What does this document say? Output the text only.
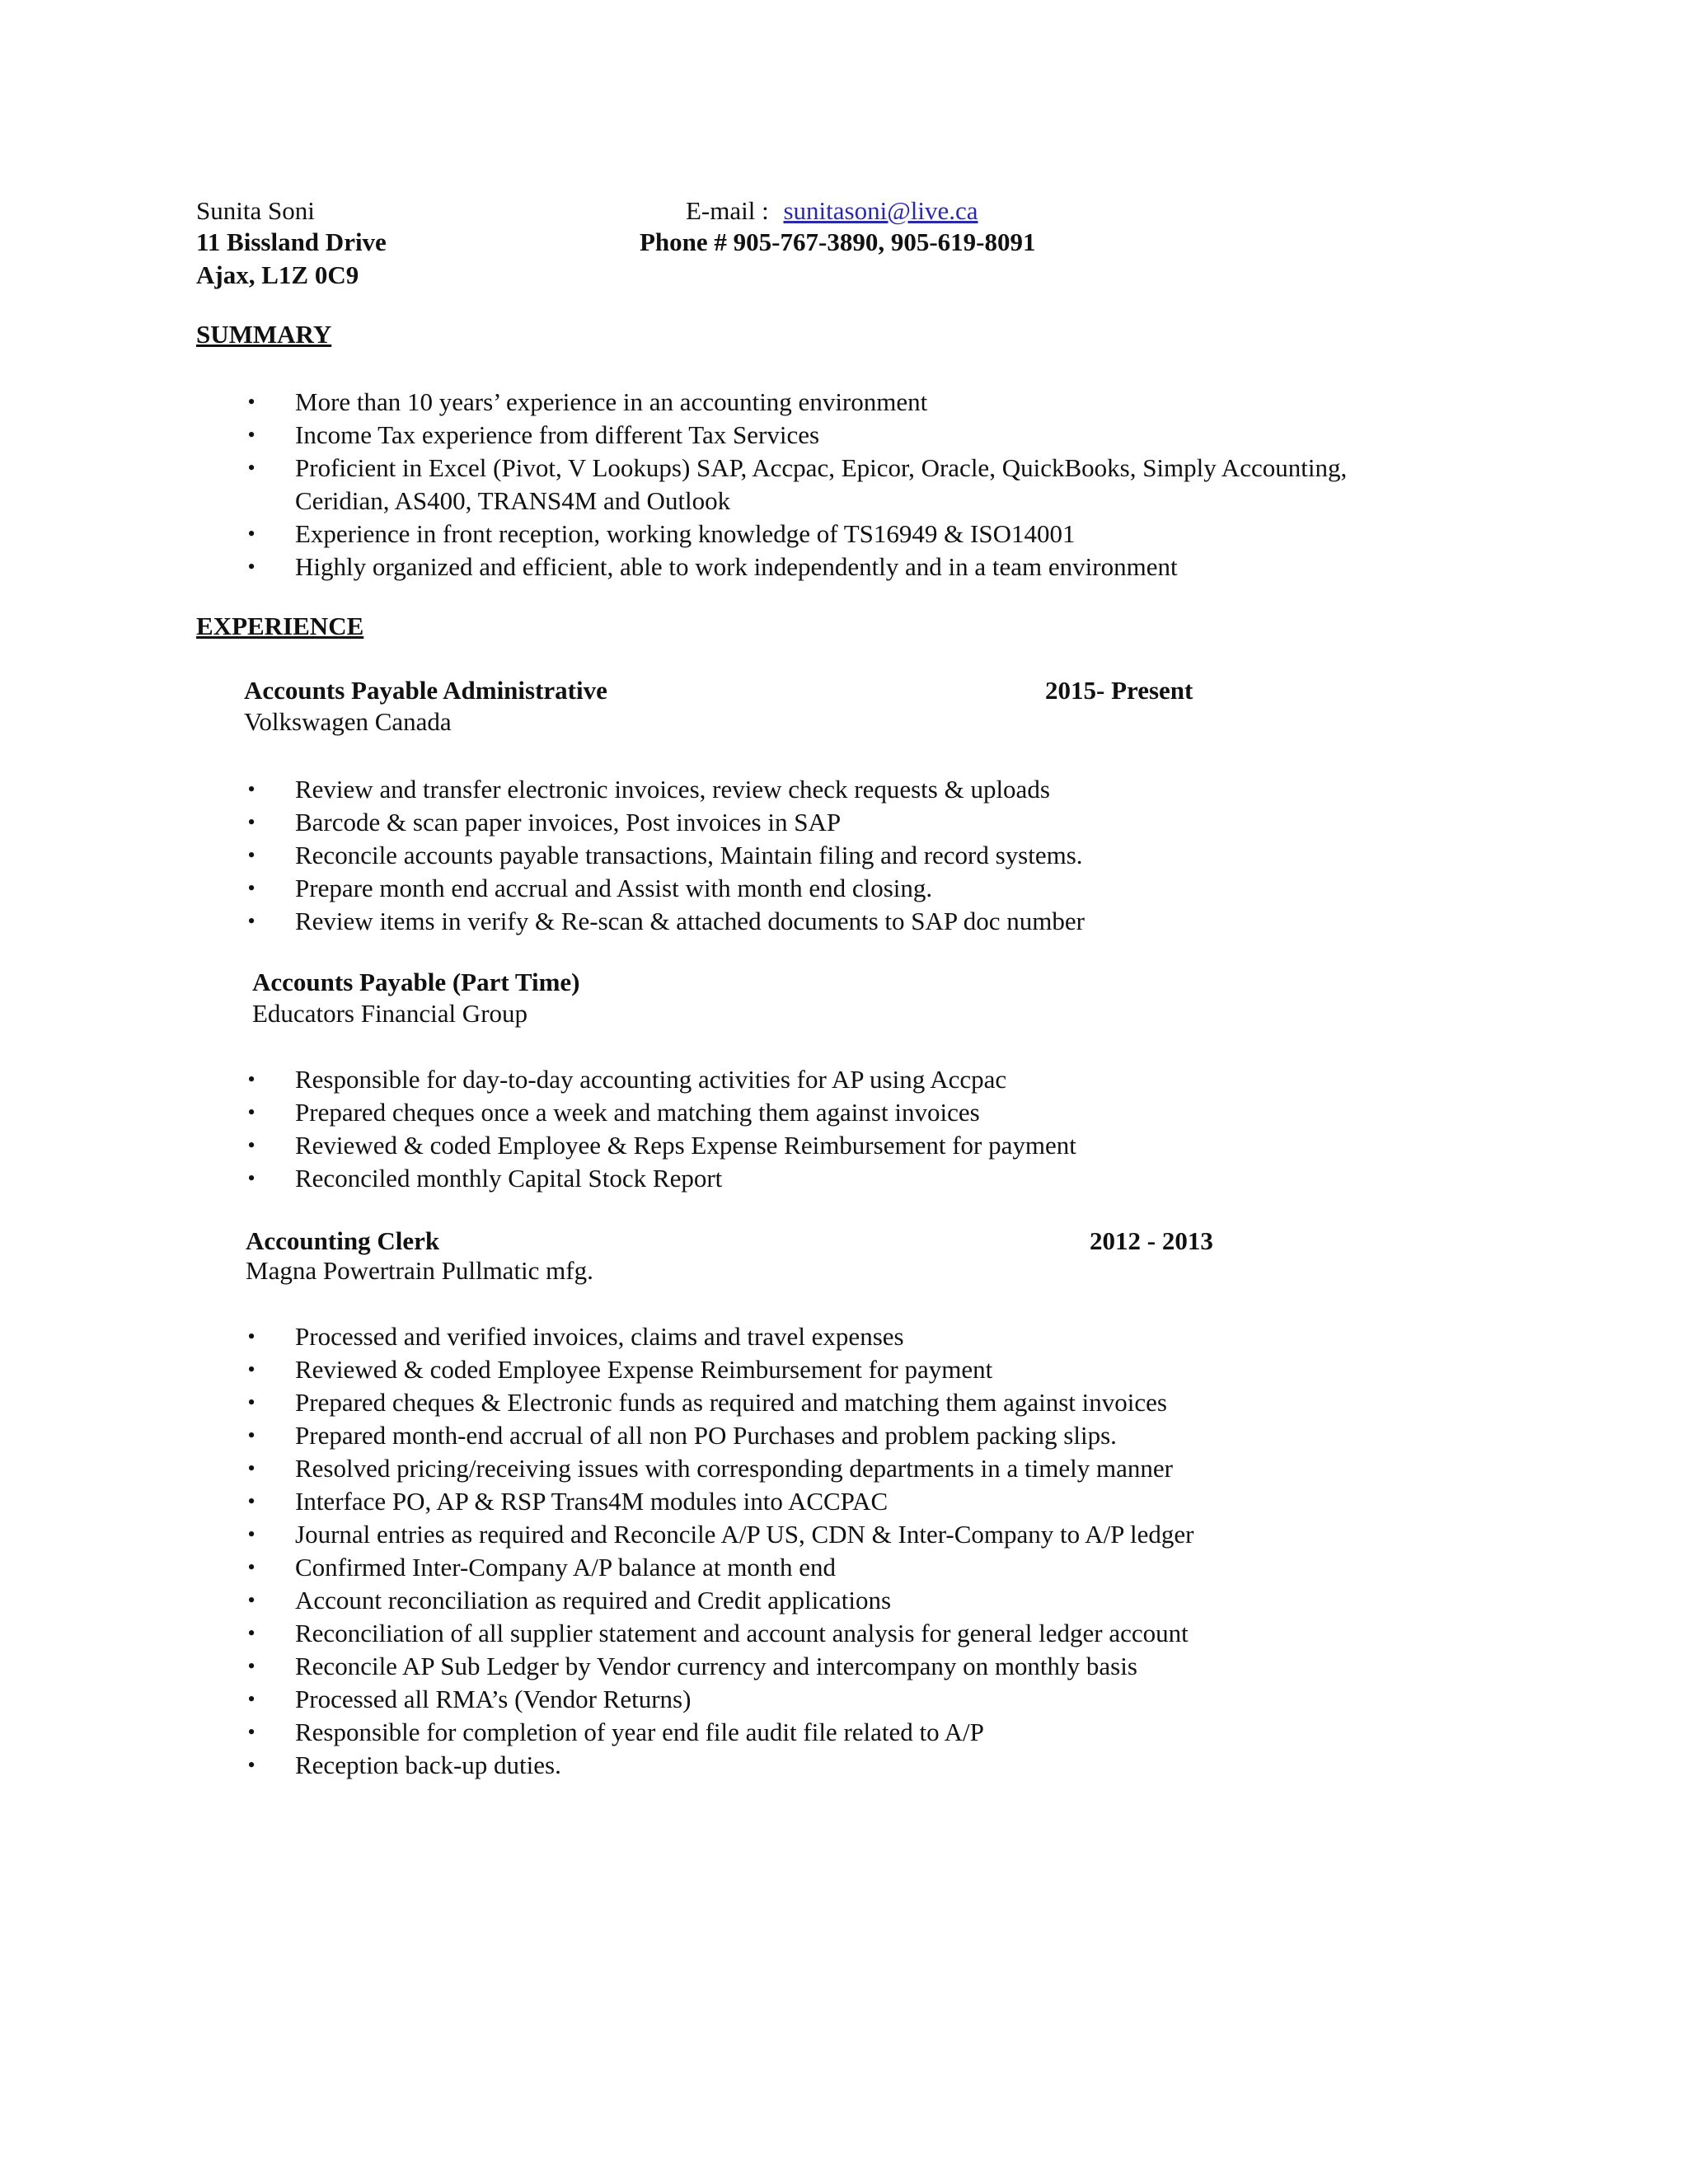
Sunita Soni
11 Bissland Drive
Ajax, L1Z 0C9
E-mail : sunitasoni@live.ca
Phone # 905-767-3890, 905-619-8091
SUMMARY
•	More than 10 years’ experience in an accounting environment
•	Income Tax experience from different Tax Services
•	Proficient in Excel (Pivot, V Lookups) SAP, Accpac, Epicor, Oracle, QuickBooks, Simply Accounting, Ceridian, AS400, TRANS4M and Outlook
•	Experience in front reception, working knowledge of TS16949 & ISO14001
•	Highly organized and efficient, able to work independently and in a team environment
EXPERIENCE
Accounts Payable Administrative	2015- Present
Volkswagen Canada
•	Review and transfer electronic invoices, review check requests & uploads
•	Barcode & scan paper invoices, Post invoices in SAP
•	Reconcile accounts payable transactions, Maintain filing and record systems.
•	Prepare month end accrual and Assist with month end closing.
•	Review items in verify & Re-scan & attached documents to SAP doc number
Accounts Payable (Part Time)
Educators Financial Group
•	Responsible for day-to-day accounting activities for AP using Accpac
•	Prepared cheques once a week and matching them against invoices
•	Reviewed & coded Employee & Reps Expense Reimbursement for payment
•	Reconciled monthly Capital Stock Report
Accounting Clerk	2012 - 2013
Magna Powertrain Pullmatic mfg.
•	Processed and verified invoices, claims and travel expenses
•	Reviewed & coded Employee Expense Reimbursement for payment
•	Prepared cheques & Electronic funds as required and matching them against invoices
•	Prepared month-end accrual of all non PO Purchases and problem packing slips.
•	Resolved pricing/receiving issues with corresponding departments in a timely manner
•	Interface PO, AP & RSP Trans4M modules into ACCPAC
•	Journal entries as required and Reconcile A/P US, CDN & Inter-Company to A/P ledger
•	Confirmed Inter-Company A/P balance at month end
•	Account reconciliation as required and Credit applications
•	Reconciliation of all supplier statement and account analysis for general ledger account
•	Reconcile AP Sub Ledger by Vendor currency and intercompany on monthly basis
•	Processed all RMA’s (Vendor Returns)
•	Responsible for completion of year end file audit file related to A/P
•	Reception back-up duties.
